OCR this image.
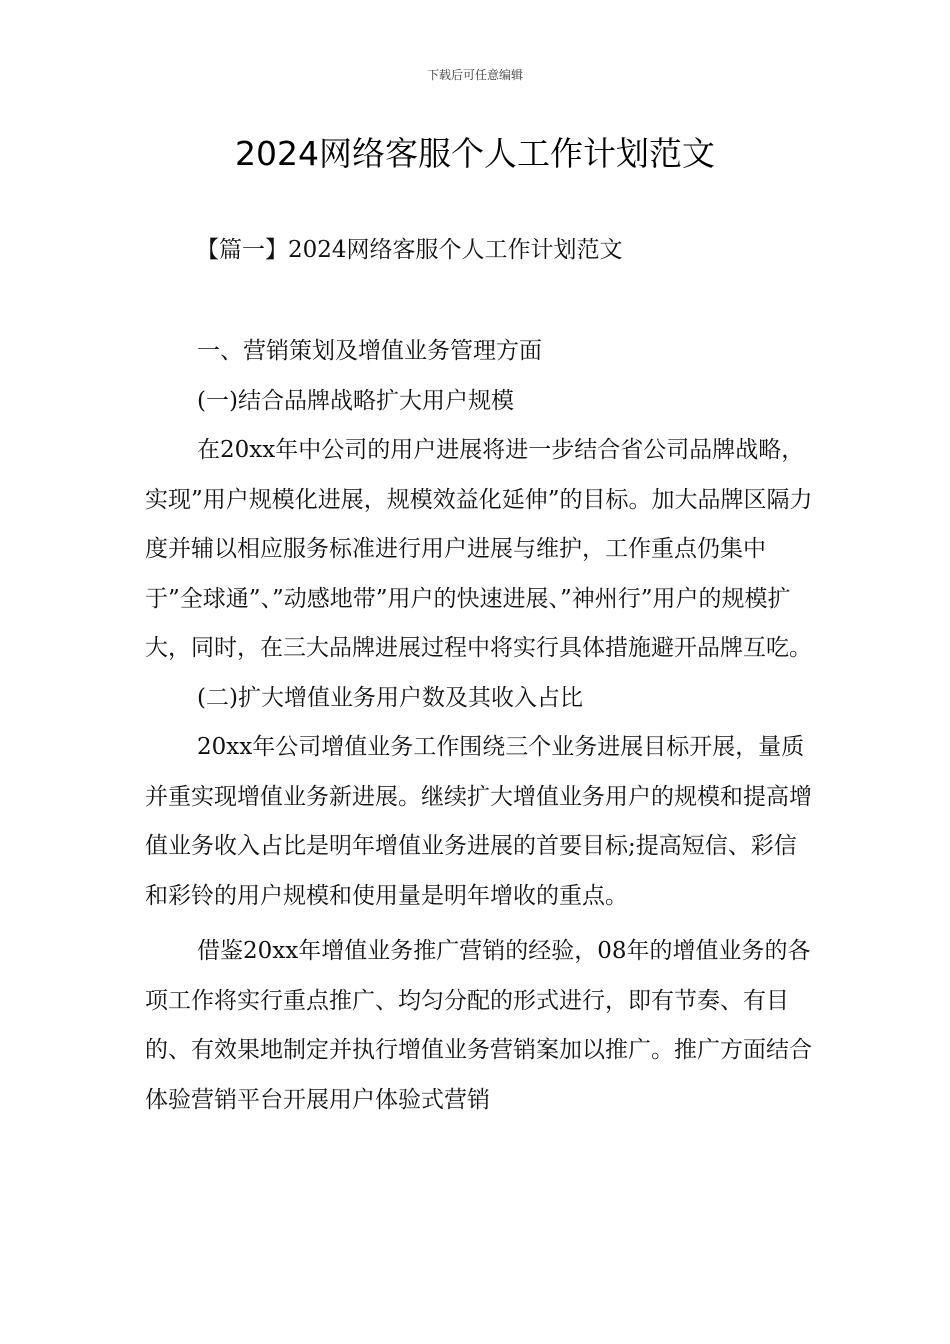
下载后可任意编辑
2024网络客服个人工作计划范文
【篇一】2024网络客服个人工作计划范文
一、营销策划及增值业务管理方面
(一)结合品牌战略扩大用户规模

在20xx年中公司的用户进展将进一步结合省公司品牌战略，实现”用户规模化进展，规模效益化延伸”的目标。加大品牌区隔力度并辅以相应服务标准进行用户进展与维护，工作重点仍集中于”全球通”、”动感地带”用户的快速进展、”神州行”用户的规模扩大，同时，在三大品牌进展过程中将实行具体措施避开品牌互吃。

(二)扩大增值业务用户数及其收入占比

20xx年公司增值业务工作围绕三个业务进展目标开展，量质并重实现增值业务新进展。继续扩大增值业务用户的规模和提高增值业务收入占比是明年增值业务进展的首要目标;提高短信、彩信和彩铃的用户规模和使用量是明年增收的重点。

借鉴20xx年增值业务推广营销的经验，08年的增值业务的各项工作将实行重点推广、均匀分配的形式进行，即有节奏、有目的、有效果地制定并执行增值业务营销案加以推广。推广方面结合体验营销平台开展用户体验式营销
